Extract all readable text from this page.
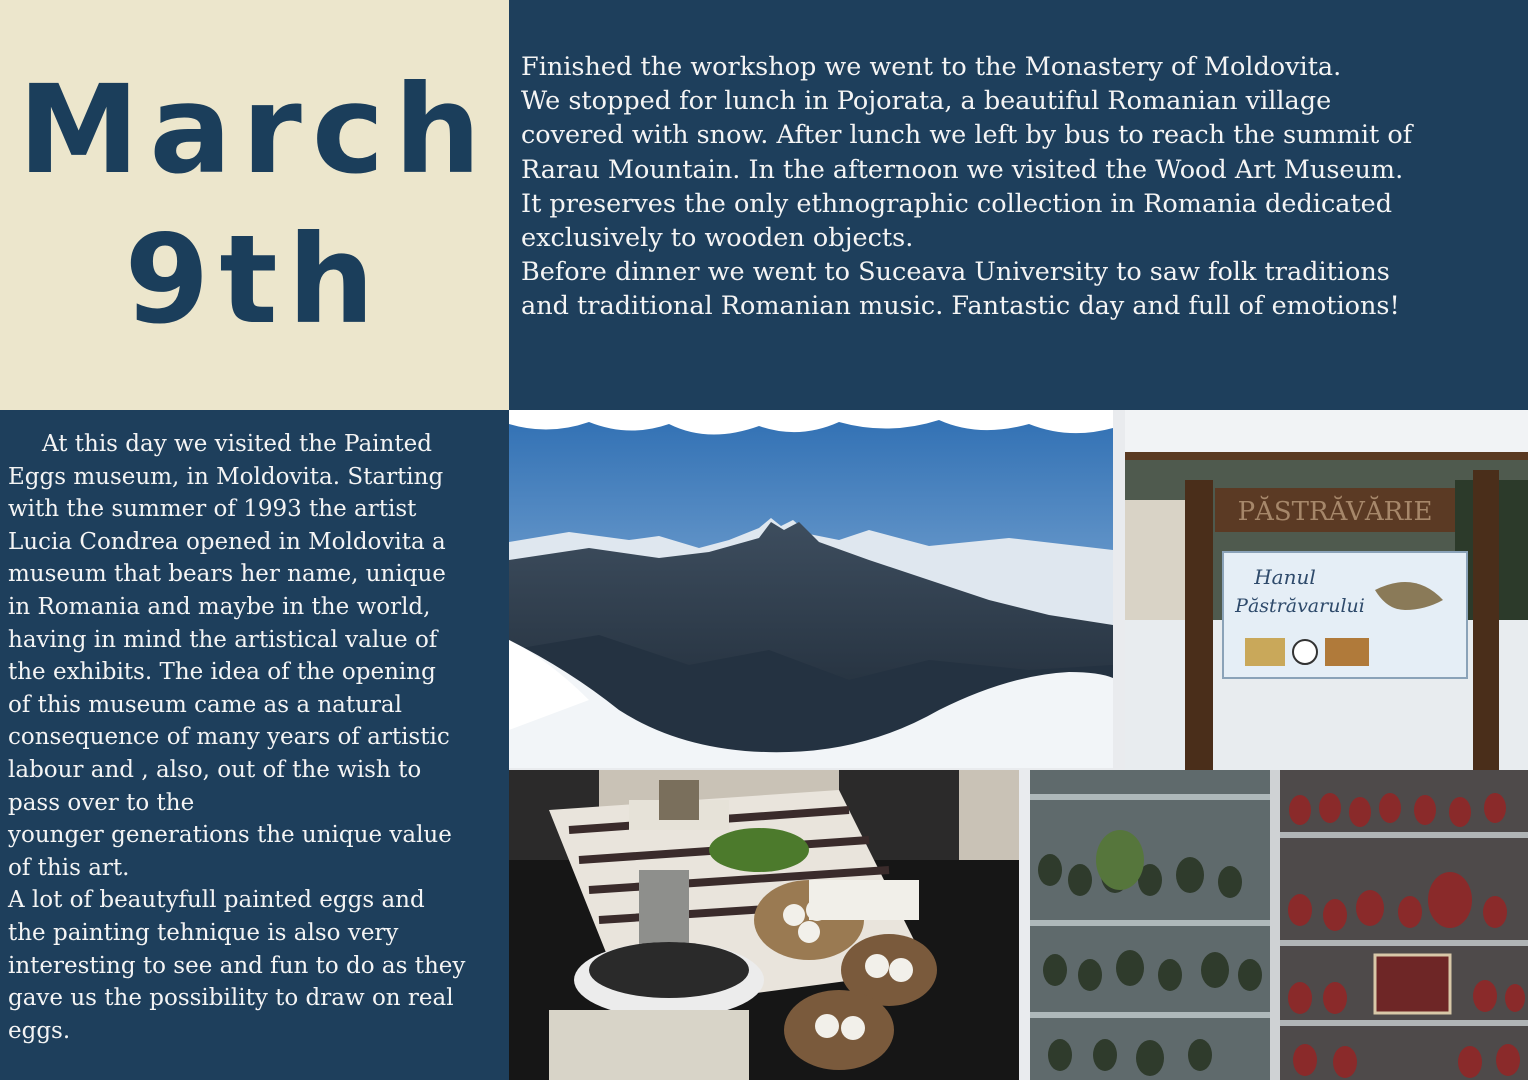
March
9th
Finished the workshop we went to the Monastery of Moldovita.
We stopped for lunch in Pojorata, a beautiful Romanian village
covered with snow. After lunch we left by bus to reach the summit of
Rarau Mountain. In the afternoon we visited the Wood Art Museum.
It preserves the only ethnographic collection in Romania dedicated
exclusively to wooden objects.
Before dinner we went to Suceava University to saw folk traditions
and traditional Romanian music. Fantastic day and full of emotions!
At this day we visited the Painted
Eggs museum, in Moldovita. Starting
with the summer of 1993 the artist
Lucia Condrea opened in Moldovita a
museum that bears her name, unique
in Romania and maybe in the world,
having in mind the artistical value of
the exhibits. The idea of the opening
of this museum came as a natural
consequence of many years of artistic
labour and , also, out of the wish to
pass over to the
younger generations the unique value
of this art.
A lot of beautyfull painted eggs and
the painting tehnique is also very
interesting to see and fun to do as they
gave us the possibility to draw on real
eggs.
PĂSTRĂVĂRIE
Hanul
Păstrăvarului
